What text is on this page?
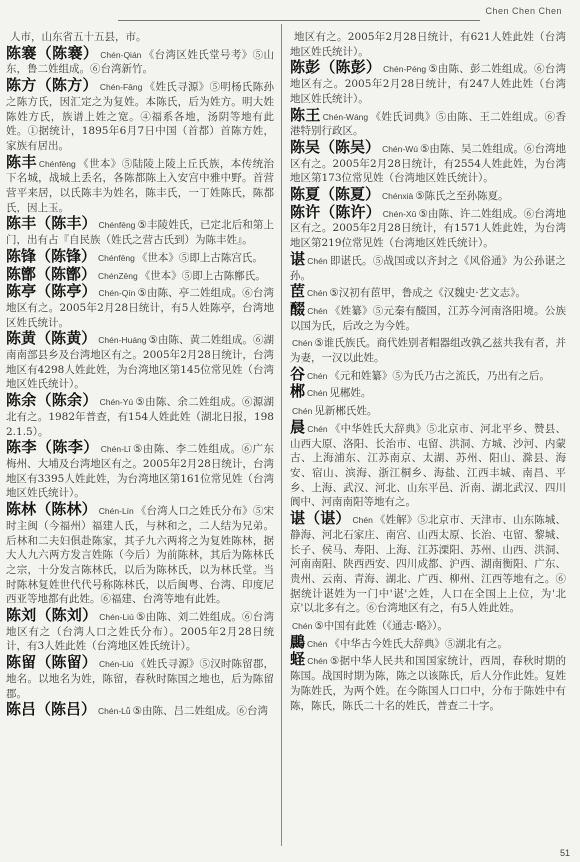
Chen Chen Chen

人市，山东省五十五县，市。

陈褰（陈褰） Chén-Qián 《台湾区姓氏堂号考》⑤山东，鲁二姓组成。⑥台湾新竹。

陈方（陈方） Chén-Fāng 《姓氏寻源》⑤明杨氏陈孙之陈方氏，因汇定之为复姓。本陈氏，后为姓方。明大姓陈姓方氏，族谱上姓之宽。④福系各地，汤阴等地有此姓。①据统计，1895年6月7日中国（首都）首陈方姓，家族有居出。

陈丰 Chénfēng 《世本》⑤陆陵上陵上丘氏族，本传统治下名城，战城上丢名，各陈都陈上入安宫中雅中野。首营营平来居，以氏陈丰为姓名，陈丰氏，一丁姓陈氏，陈都氏，因上玉。

陈丰（陈丰） Chénfēng ⑤丰陵姓氏，已定北后和第上门，出有占『自民族（姓氏之营古氏到）为陈丰姓』。

陈锋（陈锋） Chénfēng 《世本》⑤即上古陈宫氏。

陈鄫（陈鄫） ChénZēng 《世本》⑤即上古陈鄫氏。

陈亭（陈亭） Chén-Qín ⑤由陈、亭二姓组成。⑥台湾地区有之。2005年2月28日统计，有5人姓陈亭，台湾地区姓氏统计。

陈黄（陈黄） Chén-Huáng ⑤由陈、黄二姓组成。⑥湖南南部县乡及台湾地区有之。2005年2月28日统计，台湾地区有4298人姓此姓，为台湾地区第145位常见姓（台湾地区姓氏统计）。

陈余（陈余） Chén-Yú ⑤由陈、余二姓组成。⑥源湖北有之。1982年普查，有154人姓此姓（湖北日报，1982.1.5）。

陈李（陈李） Chén-Lǐ ⑤由陈、李二姓组成。⑥广东梅州、大埔及台湾地区有之。2005年2月28日统计，台湾地区有3395人姓此姓，为台湾地区第161位常见姓（台湾地区姓氏统计）。

陈林（陈林） Chén-Lín 《台湾人口之姓氏分布》⑤宋时主闽（今福州）福建人氏，与林和之，二人结为兄弟。后林和二夫妇俱赴陈家，其子九六两将之为复姓陈林，据大人九六两方发言姓陈（今后）为前陈林，其后为陈林氏之宗，十分发言陈林氏，以后为陈林氏，以为林氏堂。当时陈林复姓世代代号称陈林氏，以后闽粤、台湾、印度尼西亚等地都有此姓。⑥福建、台湾等地有此姓。

陈刘（陈刘） Chén-Liú ⑤由陈、刘二姓组成。⑥台湾地区有之（台湾人口之姓氏分布）。2005年2月28日统计，有3人姓此姓（台湾地区姓氏统计）。

陈留（陈留） Chén-Liú 《姓氏寻源》⑤汉时陈留郡，地名。以地名为姓，陈留，春秋时陈国之地也，后为陈留郡。

陈吕（陈吕） Chén-Lǚ ⑤由陈、吕二姓组成。⑥台湾

地区有之。2005年2月28日统计，有621人姓此姓（台湾地区姓氏统计）。

陈彭（陈彭） Chén-Péng ⑤由陈、彭二姓组成。⑥台湾地区有之。2005年2月28日统计，有247人姓此姓（台湾地区姓氏统计）。

陈王 Chén-Wáng 《姓氏词典》⑤由陈、王二姓组成。⑥香港特别行政区。

陈吴（陈吴） Chén-Wú ⑤由陈、吴二姓组成。⑥台湾地区有之。2005年2月28日统计，有2554人姓此姓，为台湾地区第173位常见姓（台湾地区姓氏统计）。

陈夏（陈夏） Chénxià ⑤陈氏之至孙陈夏。

陈许（陈许） Chén-Xǔ ⑤由陈、许二姓组成。⑥台湾地区有之。2005年2月28日统计，有1571人姓此姓，为台湾地区第219位常见姓（台湾地区姓氏统计）。

谌 Chén 即谌氏。⑤战国或以齐封之《风俗通》为公孙谌之孙。

茞 Chén ⑤汉初有茞甲，鲁成之《汉魏史·艺文志》。

醊 Chén 《姓纂》⑤元秦有醊国，江苏今河南洛阳境。公族以国为氏，后改之为今姓。

Chén ⑤谁氏族氏。商代姓别者帽器组改孰乙兹共我有者，并为妻，一汉以此姓。

谷 Chén 《元和姓纂》⑤为氏乃古之流氏，乃出有之后。

郴 Chén 见郴姓。

Chén 见新郴氏姓。

晨 Chén 《中华姓氏大辞典》⑤北京市、河北平乡、赞县、山西大原、洛阳、长治市、屯留、洪洞、方城、沙河、内蒙古、上海浦东、江苏南京、太湖、苏州、阳山、滁县、海安、宿山、滨海、浙江桐乡、海盐、江西丰城、南昌、平乡、上海、武汉、河北、山东平邑、沂南、湖北武汉、四川阆中、河南南阳等地有之。

谌（谌） Chén 《姓解》⑤北京市、天津市、山东陈城、静海、河北石家庄、南宫、山西太原、长治、屯留、黎城、长子、侯马、寿阳、上海、江苏溧阳、苏州、山西、洪洞、河南南阳、陕西西安、四川成都、沪西、湖南衡阳、广东、贵州、云南、青海、湖北、广西、柳州、江西等地有之。⑥据统计谌姓为一门中'谌'之姓，人口在全国上上位，为'北京'以北多有之。⑥台湾地区有之，有5人姓此姓。

Chén ⑤中国有此姓（《通志·略》）。

鷐 Chén 《中华古今姓氏大辞典》⑤湖北有之。

蛏 Chén ⑤据中华人民共和国国家统计，西周，春秋时期的陈国。战国时期为陈，陈之以该陈氏，后人分作此姓。复姓为陈姓氏，为两个姓。在今陈国人口口中，分布于陈姓中有陈，陈氏，陈氏二十名的姓氏，普查二十字。

51
